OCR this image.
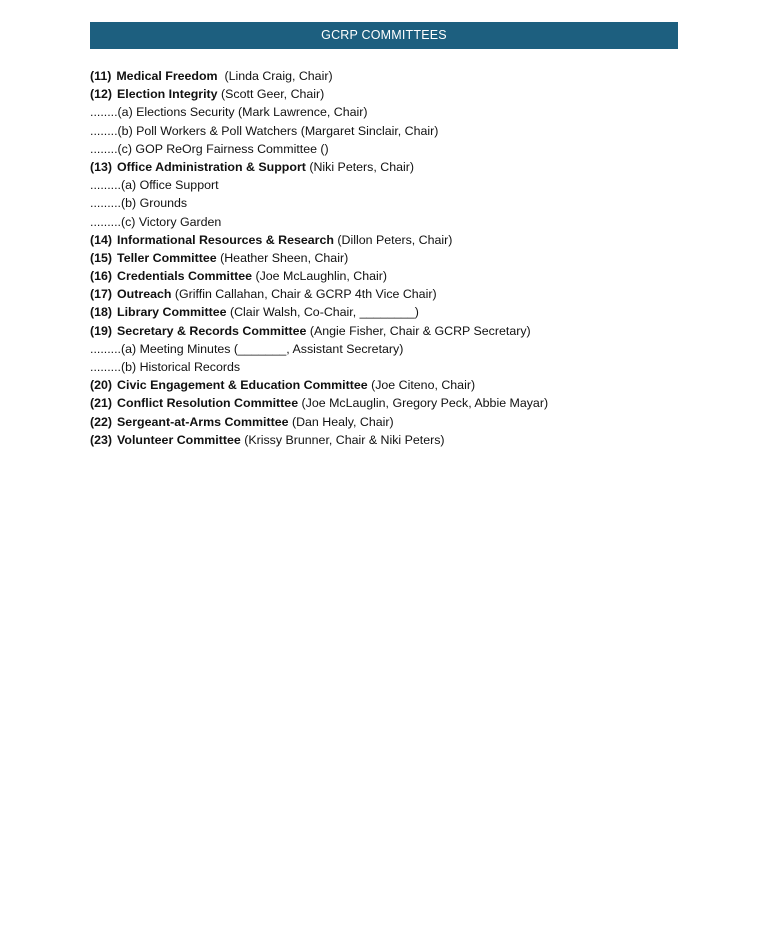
GCRP COMMITTEES
(11) Medical Freedom  (Linda Craig, Chair)
(12) Election Integrity (Scott Geer, Chair)
........(a) Elections Security (Mark Lawrence, Chair)
........(b) Poll Workers & Poll Watchers (Margaret Sinclair, Chair)
........(c) GOP ReOrg Fairness Committee ()
(13) Office Administration & Support (Niki Peters, Chair)
.........(a) Office Support
.........(b) Grounds
.........(c) Victory Garden
(14) Informational Resources & Research (Dillon Peters, Chair)
(15) Teller Committee (Heather Sheen, Chair)
(16) Credentials Committee (Joe McLaughlin, Chair)
(17) Outreach (Griffin Callahan, Chair & GCRP 4th Vice Chair)
(18) Library Committee (Clair Walsh, Co-Chair, ________)
(19) Secretary & Records Committee (Angie Fisher, Chair & GCRP Secretary)
.........(a) Meeting Minutes (_______, Assistant Secretary)
.........(b) Historical Records
(20) Civic Engagement & Education Committee (Joe Citeno, Chair)
(21) Conflict Resolution Committee (Joe McLauglin, Gregory Peck, Abbie Mayar)
(22) Sergeant-at-Arms Committee (Dan Healy, Chair)
(23) Volunteer Committee (Krissy Brunner, Chair & Niki Peters)
